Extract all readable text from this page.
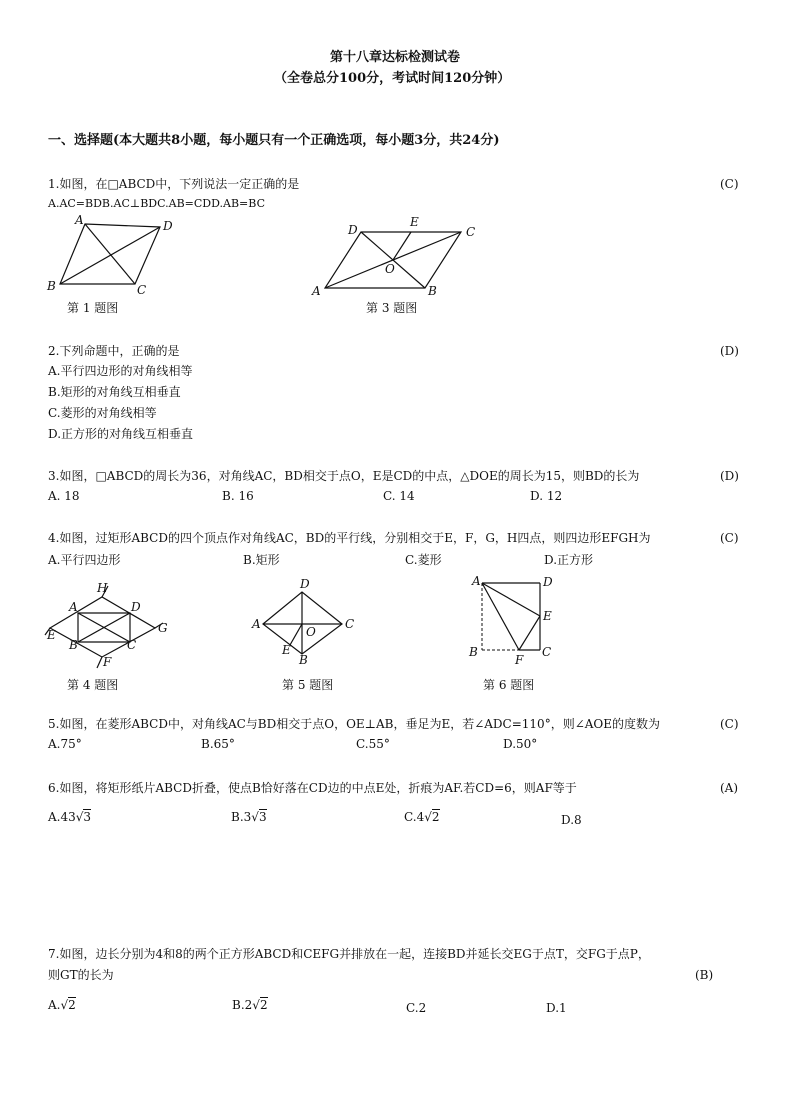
第十八章达标检测试卷
（全卷总分100分，考试时间120分钟）
一、选择题(本大题共8小题，每小题只有一个正确选项，每小题3分，共24分)
1.如图，在□ABCD中，下列说法一定正确的是	(C)
A.AC=BDB.AC⊥BDC.AB=CDD.AB=BC
A	D
B	C
第 1 题图
D
E
C
O
A	B
第 3 题图
2.下列命题中，正确的是	(D)
A.平行四边形的对角线相等
B.矩形的对角线互相垂直
C.菱形的对角线相等
D.正方形的对角线互相垂直
3.如图，□ABCD的周长为36，对角线AC，BD相交于点O，E是CD的中点，△DOE的周长为15，则BD的长为	(D)
A. 18	B. 16	C. 14	D. 12
4.如图，过矩形ABCD的四个顶点作对角线AC，BD的平行线，分别相交于E，F，G，H四点，则四边形EFGH为	(C)
A.平行四边形	B.矩形	C.菱形	D.正方形
H
A	D
E	G
B	C
F
第 4 题图
D
A
O
C
E
B
第 5 题图
A	D
E
B
F
C
第 6 题图
5.如图，在菱形ABCD中，对角线AC与BD相交于点O，OE⊥AB，垂足为E，若∠ADC=110°，则∠AOE的度数为	(C)
A.75°	B.65°	C.55°	D.50°
6.如图，将矩形纸片ABCD折叠，使点B恰好落在CD边的中点E处，折痕为AF.若CD=6，则AF等于	(A)
A.43√3	B.3√3	C.4√2	D.8
7.如图，边长分别为4和8的两个正方形ABCD和CEFG并排放在一起，连接BD并延长交EG于点T，交FG于点P，
则GT的长为	(B)
A.√2	B.2√2	C.2	D.1
